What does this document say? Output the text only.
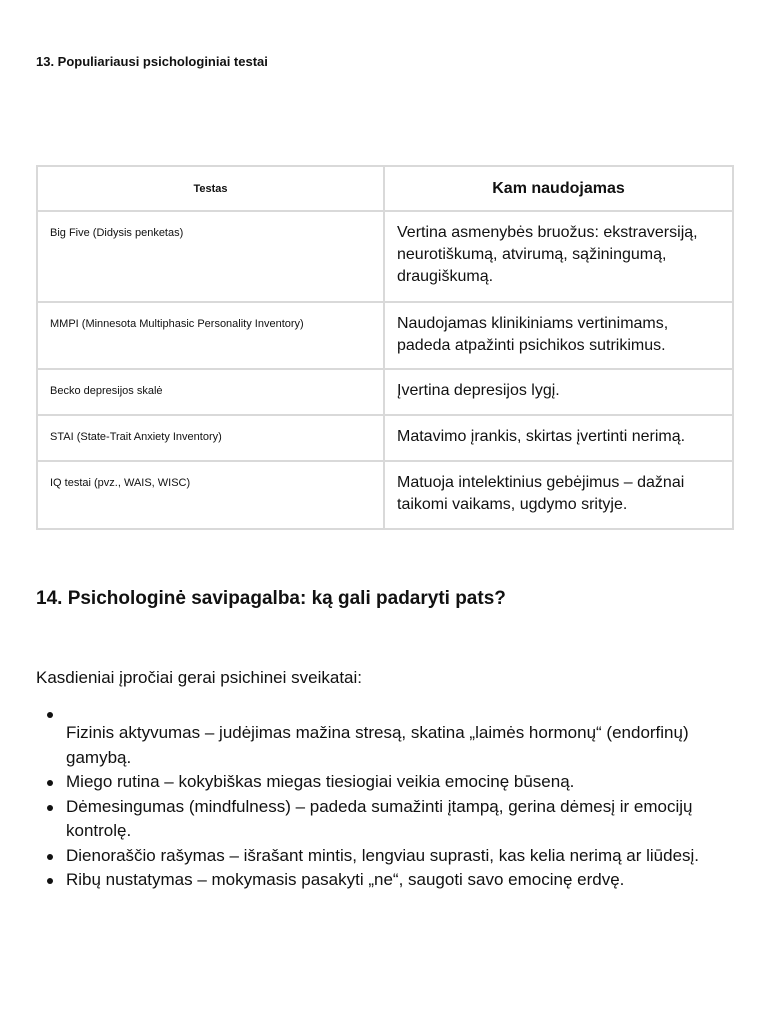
13. Populiariausi psichologiniai testai
Testas	Kam naudojamas
Big Five (Didysis penketas)	Vertina asmenybės bruožus: ekstraversiją, neurotiškumą, atvirumą, sąžiningumą, draugiškumą.
MMPI (Minnesota Multiphasic Personality Inventory)	Naudojamas klinikiniams vertinimams, padeda atpažinti psichikos sutrikimus.
Becko depresijos skalė	Įvertina depresijos lygį.
STAI (State-Trait Anxiety Inventory)	Matavimo įrankis, skirtas įvertinti nerimą.
IQ testai (pvz., WAIS, WISC)	Matuoja intelektinius gebėjimus – dažnai taikomi vaikams, ugdymo srityje.
14. Psichologinė savipagalba: ką gali padaryti pats?

Kasdieniai įpročiai gerai psichinei sveikatai:

Fizinis aktyvumas – judėjimas mažina stresą, skatina „laimės hormonų“ (endorfinų) gamybą.
Miego rutina – kokybiškas miegas tiesiogiai veikia emocinę būseną.
Dėmesingumas (mindfulness) – padeda sumažinti įtampą, gerina dėmesį ir emocijų kontrolę.
Dienoraščio rašymas – išrašant mintis, lengviau suprasti, kas kelia nerimą ar liūdesį.
Ribų nustatymas – mokymasis pasakyti „ne“, saugoti savo emocinę erdvę.
